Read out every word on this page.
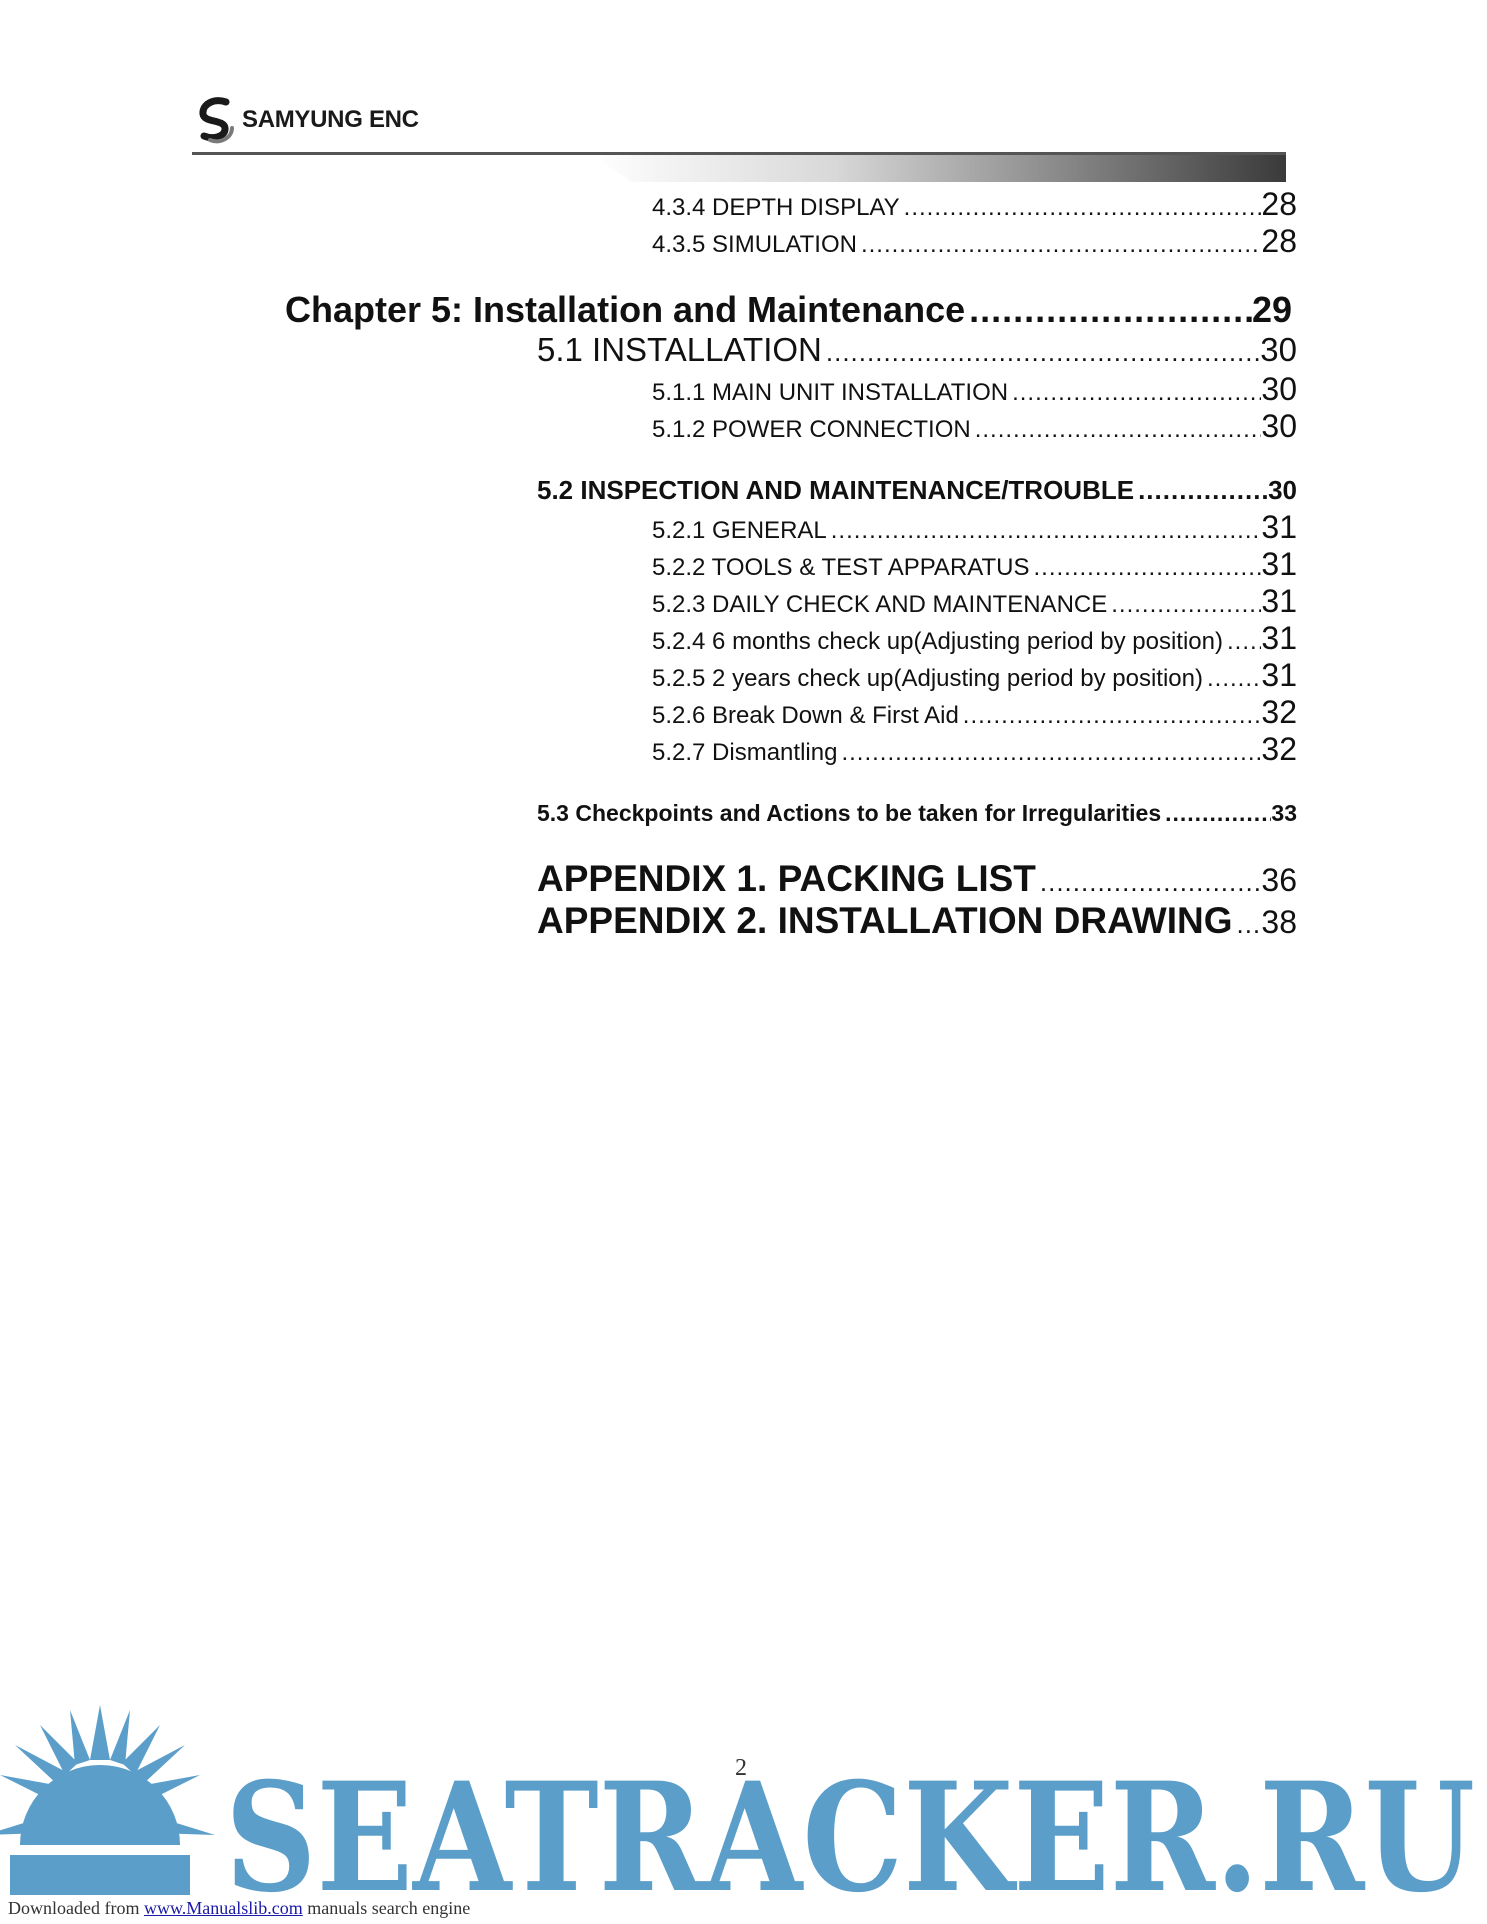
SAMYUNG ENC
4.3.4 DEPTH DISPLAY .....	28
4.3.5 SIMULATION .....	28
Chapter 5: Installation and Maintenance .....	29
5.1 INSTALLATION .....	30
5.1.1 MAIN UNIT INSTALLATION .....	30
5.1.2 POWER CONNECTION .....	30
5.2 INSPECTION AND MAINTENANCE/TROUBLE .....	30
5.2.1 GENERAL .....	31
5.2.2 TOOLS & TEST APPARATUS .....	31
5.2.3 DAILY CHECK AND MAINTENANCE .....	31
5.2.4 6 months check up(Adjusting period by position) ..... 31
5.2.5 2 years check up(Adjusting period by position) ..... 31
5.2.6 Break Down & First Aid .....	32
5.2.7 Dismantling .....	32
5.3 Checkpoints and Actions to be taken for Irregularities .....	33
APPENDIX 1. PACKING LIST .....	36
APPENDIX 2. INSTALLATION DRAWING ..... 38
SEATRACKER.RU
2
Downloaded from www.Manualslib.com manuals search engine
